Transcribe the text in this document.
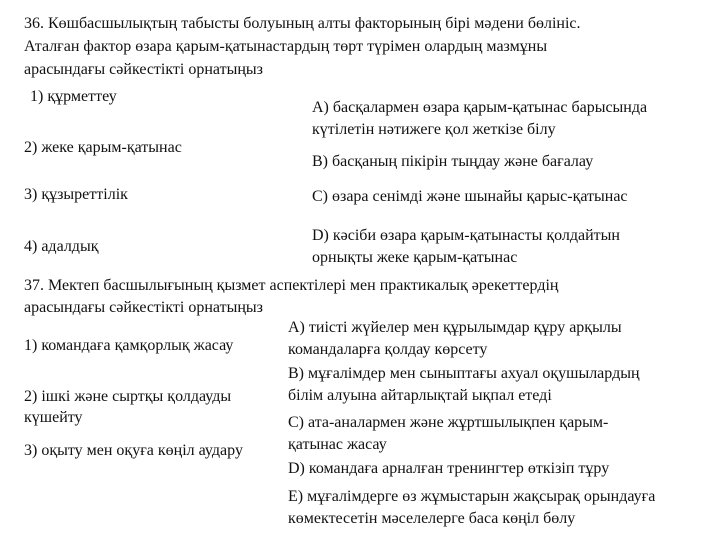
36. Көшбасшылықтың табысты болуының алты факторының бірі мәдени бөлініс.
Аталған фактор өзара қарым-қатынастардың төрт түрімен олардың мазмұны
арасындағы сәйкестікті орнатыңыз
1) құрметтеу
2) жеке қарым-қатынас
3) құзыреттілік
4) адалдық
А) басқалармен өзара қарым-қатынас барысында
күтілетін нәтижеге қол жеткізе білу
В) басқаның пікірін тыңдау және бағалау
С) өзара сенімді және шынайы қарыс-қатынас
D) кәсіби өзара қарым-қатынасты қолдайтын
орнықты жеке қарым-қатынас
37. Мектеп басшылығының қызмет аспектілері мен практикалық әрекеттердің
арасындағы сәйкестікті орнатыңыз
1) командаға қамқорлық жасау
2) ішкі және сыртқы қолдауды
күшейту
3) оқыту мен оқуға көңіл аудару
А) тиісті жүйелер мен құрылымдар құру арқылы
командаларға қолдау көрсету
В) мұғалімдер мен сыныптағы ахуал оқушылардың
білім алуына айтарлықтай ықпал етеді
С) ата-аналармен және жұртшылықпен қарым-
қатынас жасау
D) командаға арналған тренингтер өткізіп тұру
E) мұғалімдерге өз жұмыстарын жақсырақ орындауға
көмектесетін мәселелерге баса көңіл бөлу
